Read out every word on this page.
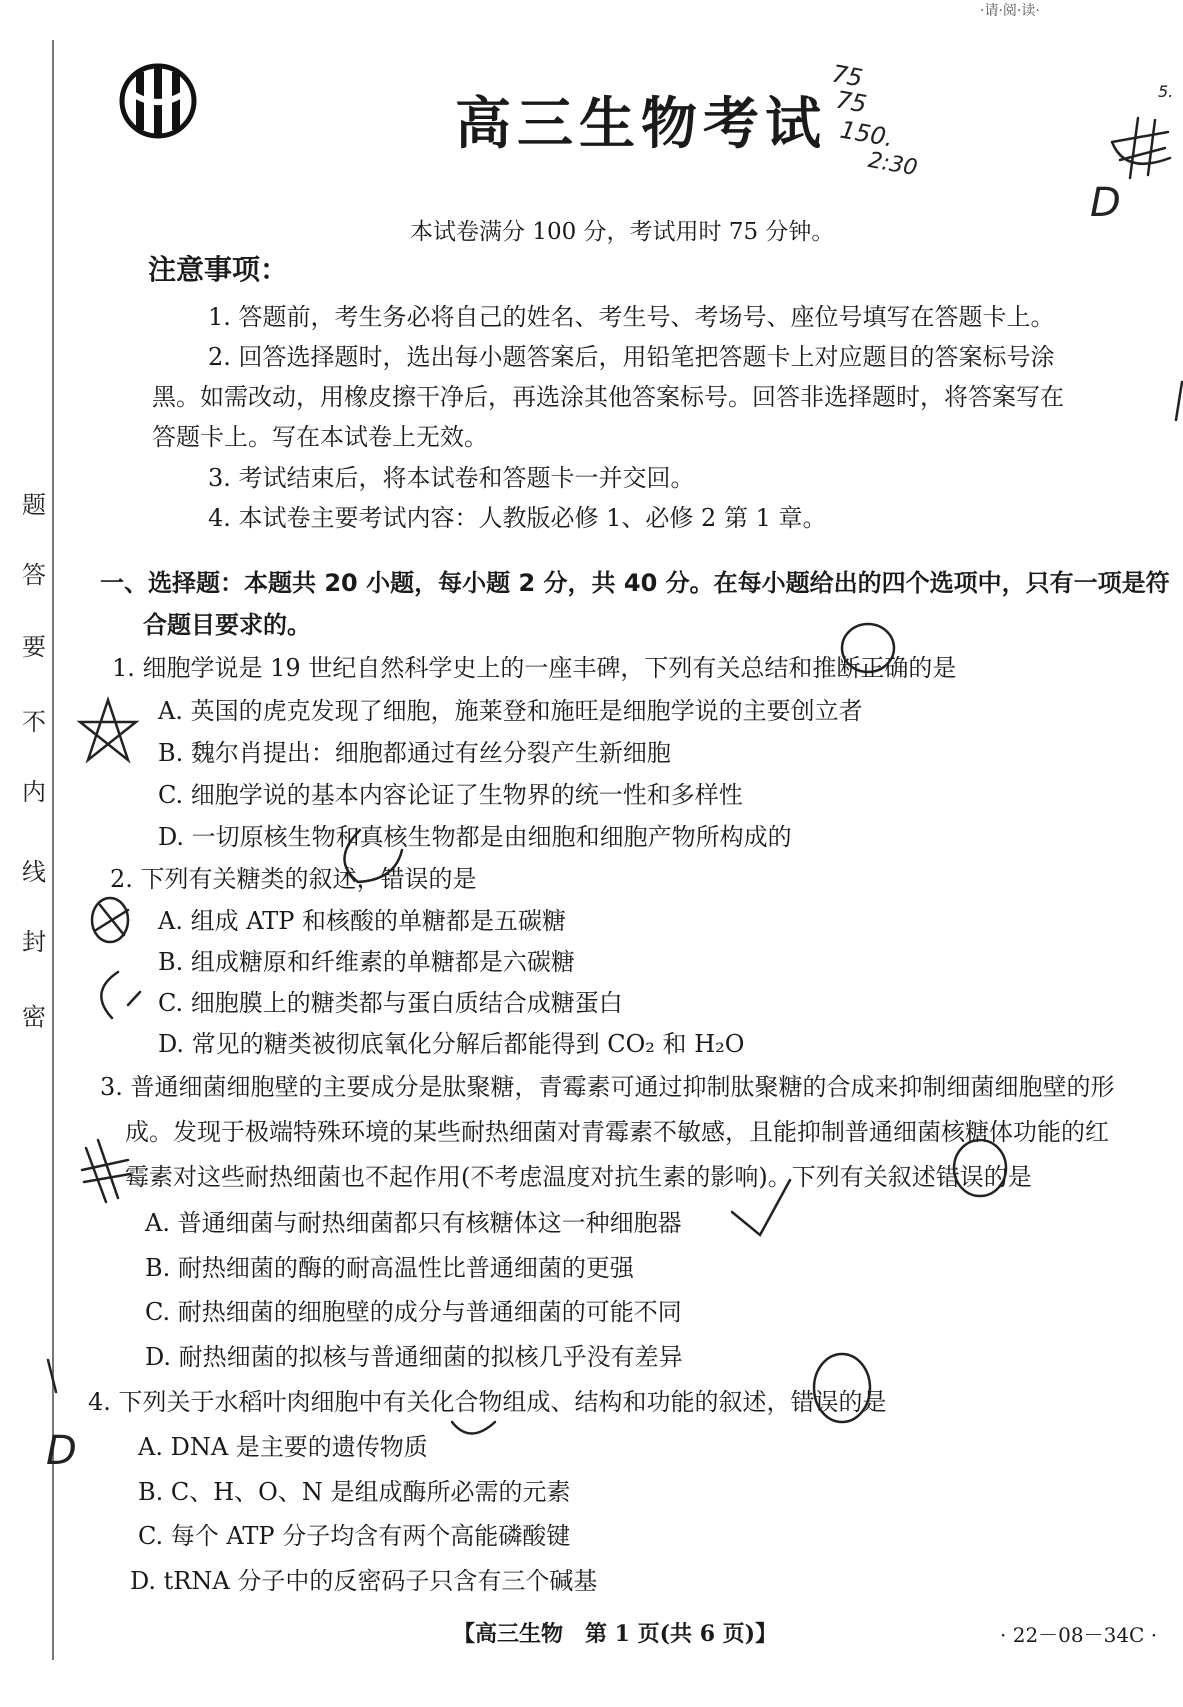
·请·阅·读·
题
答
要
不
内
线
封
密
高三生物考试
本试卷满分 100 分，考试用时 75 分钟。
注意事项：
1. 答题前，考生务必将自己的姓名、考生号、考场号、座位号填写在答题卡上。
2. 回答选择题时，选出每小题答案后，用铅笔把答题卡上对应题目的答案标号涂
黑。如需改动，用橡皮擦干净后，再选涂其他答案标号。回答非选择题时，将答案写在
答题卡上。写在本试卷上无效。
3. 考试结束后，将本试卷和答题卡一并交回。
4. 本试卷主要考试内容：人教版必修 1、必修 2 第 1 章。
一、选择题：本题共 20 小题，每小题 2 分，共 40 分。在每小题给出的四个选项中，只有一项是符
合题目要求的。
1. 细胞学说是 19 世纪自然科学史上的一座丰碑，下列有关总结和推断正确的是
A. 英国的虎克发现了细胞，施莱登和施旺是细胞学说的主要创立者
B. 魏尔肖提出：细胞都通过有丝分裂产生新细胞
C. 细胞学说的基本内容论证了生物界的统一性和多样性
D. 一切原核生物和真核生物都是由细胞和细胞产物所构成的
2. 下列有关糖类的叙述，错误的是
A. 组成 ATP 和核酸的单糖都是五碳糖
B. 组成糖原和纤维素的单糖都是六碳糖
C. 细胞膜上的糖类都与蛋白质结合成糖蛋白
D. 常见的糖类被彻底氧化分解后都能得到 CO₂ 和 H₂O
3. 普通细菌细胞壁的主要成分是肽聚糖，青霉素可通过抑制肽聚糖的合成来抑制细菌细胞壁的形
成。发现于极端特殊环境的某些耐热细菌对青霉素不敏感，且能抑制普通细菌核糖体功能的红
霉素对这些耐热细菌也不起作用(不考虑温度对抗生素的影响)。下列有关叙述错误的是
A. 普通细菌与耐热细菌都只有核糖体这一种细胞器
B. 耐热细菌的酶的耐高温性比普通细菌的更强
C. 耐热细菌的细胞壁的成分与普通细菌的可能不同
D. 耐热细菌的拟核与普通细菌的拟核几乎没有差异
4. 下列关于水稻叶肉细胞中有关化合物组成、结构和功能的叙述，错误的是
A. DNA 是主要的遗传物质
B. C、H、O、N 是组成酶所必需的元素
C. 每个 ATP 分子均含有两个高能磷酸键
D. tRNA 分子中的反密码子只含有三个碱基
【高三生物　第 1 页(共 6 页)】	· 22－08－34C ·
75
75
150.
2:30
5.
D
D
